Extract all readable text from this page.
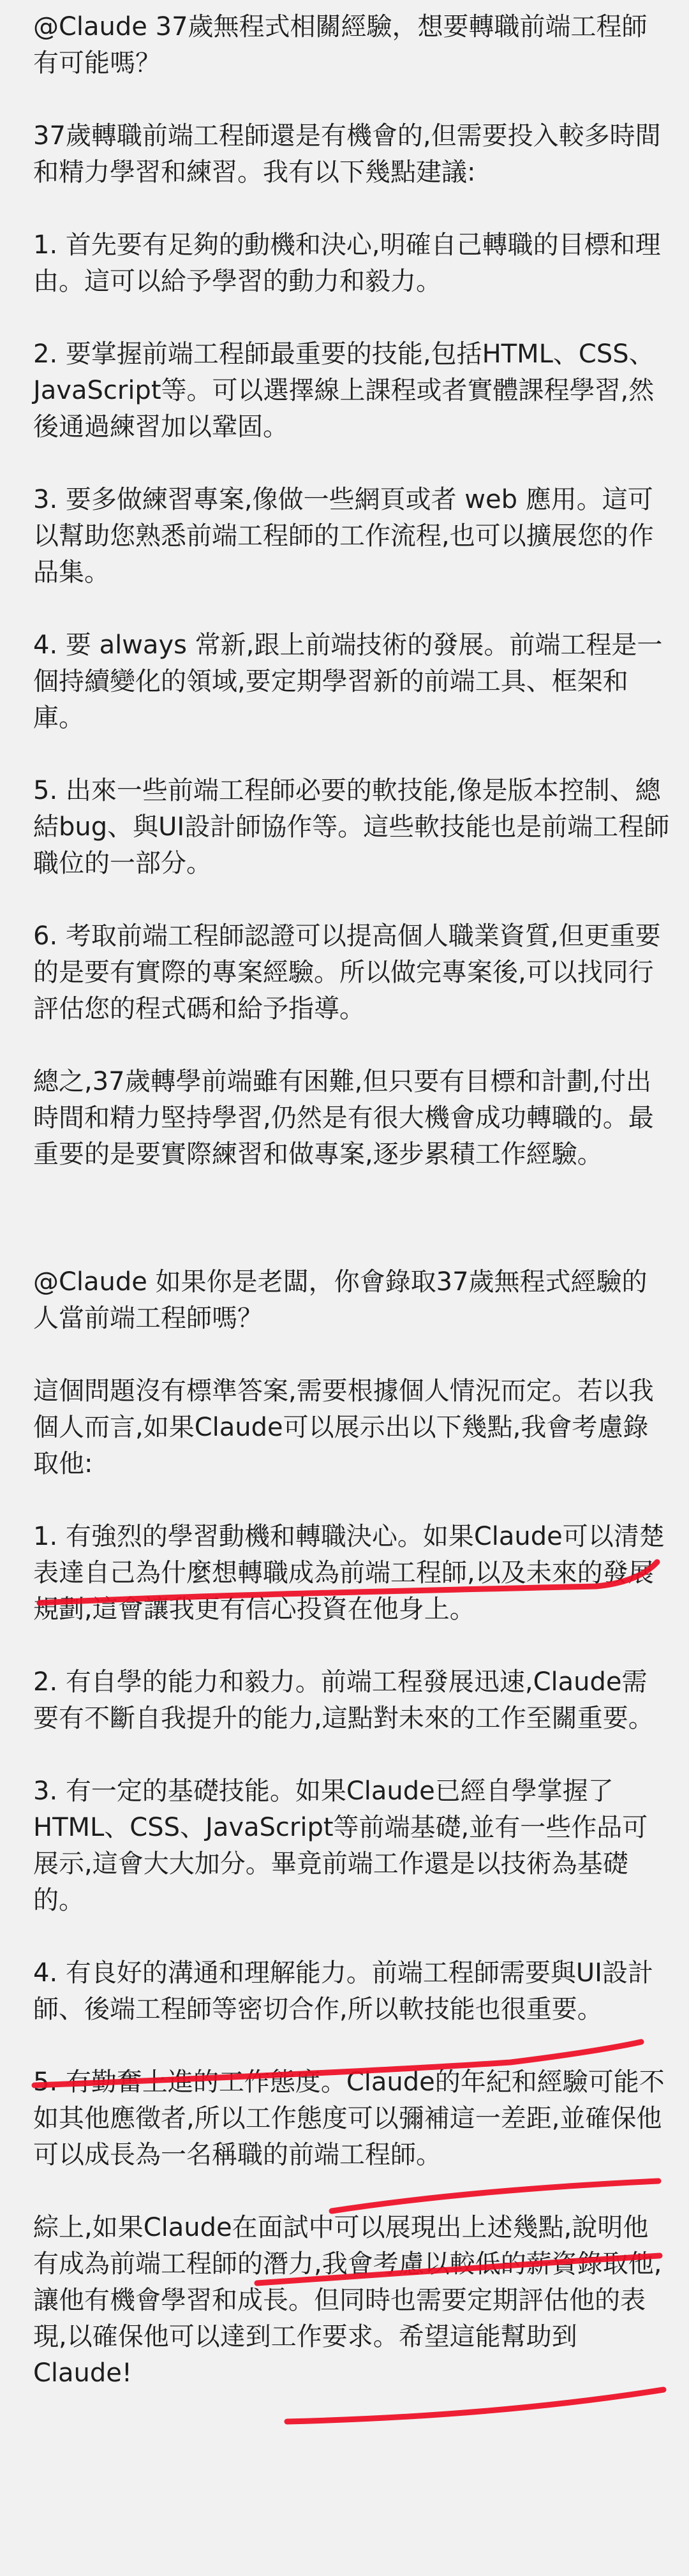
@Claude 37歲無程式相關經驗，想要轉職前端工程師有可能嗎？

37歲轉職前端工程師還是有機會的,但需要投入較多時間和精力學習和練習。我有以下幾點建議:

1. 首先要有足夠的動機和決心,明確自己轉職的目標和理由。這可以給予學習的動力和毅力。

2. 要掌握前端工程師最重要的技能,包括HTML、CSS、JavaScript等。可以選擇線上課程或者實體課程學習,然後通過練習加以鞏固。

3. 要多做練習專案,像做一些網頁或者 web 應用。這可以幫助您熟悉前端工程師的工作流程,也可以擴展您的作品集。

4. 要 always 常新,跟上前端技術的發展。前端工程是一個持續變化的領域,要定期學習新的前端工具、框架和庫。

5. 出來一些前端工程師必要的軟技能,像是版本控制、總結bug、與UI設計師協作等。這些軟技能也是前端工程師職位的一部分。

6. 考取前端工程師認證可以提高個人職業資質,但更重要的是要有實際的專案經驗。所以做完專案後,可以找同行評估您的程式碼和給予指導。

總之,37歲轉學前端雖有困難,但只要有目標和計劃,付出時間和精力堅持學習,仍然是有很大機會成功轉職的。最重要的是要實際練習和做專案,逐步累積工作經驗。

@Claude 如果你是老闆，你會錄取37歲無程式經驗的人當前端工程師嗎？

這個問題沒有標準答案,需要根據個人情況而定。若以我個人而言,如果Claude可以展示出以下幾點,我會考慮錄取他:

1. 有強烈的學習動機和轉職決心。如果Claude可以清楚表達自己為什麼想轉職成為前端工程師,以及未來的發展規劃,這會讓我更有信心投資在他身上。

2. 有自學的能力和毅力。前端工程發展迅速,Claude需要有不斷自我提升的能力,這點對未來的工作至關重要。

3. 有一定的基礎技能。如果Claude已經自學掌握了HTML、CSS、JavaScript等前端基礎,並有一些作品可展示,這會大大加分。畢竟前端工作還是以技術為基礎的。

4. 有良好的溝通和理解能力。前端工程師需要與UI設計師、後端工程師等密切合作,所以軟技能也很重要。

5. 有勤奮上進的工作態度。Claude的年紀和經驗可能不如其他應徵者,所以工作態度可以彌補這一差距,並確保他可以成長為一名稱職的前端工程師。

綜上,如果Claude在面試中可以展現出上述幾點,說明他有成為前端工程師的潛力,我會考慮以較低的薪資錄取他,讓他有機會學習和成長。但同時也需要定期評估他的表現,以確保他可以達到工作要求。希望這能幫助到Claude!
